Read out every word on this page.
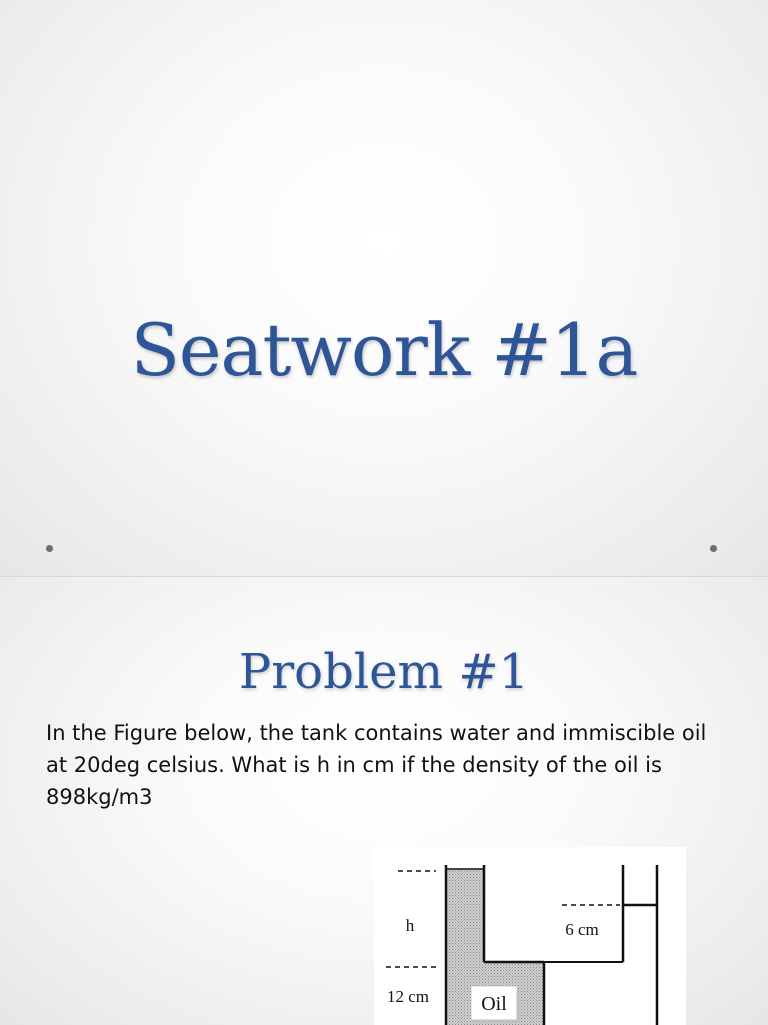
Seatwork #1a
Problem #1
In the Figure below, the tank contains water and immiscible oil at 20deg celsius. What is h in cm if the density of the oil is 898kg/m3
h	6 cm
12 cm	Oil
